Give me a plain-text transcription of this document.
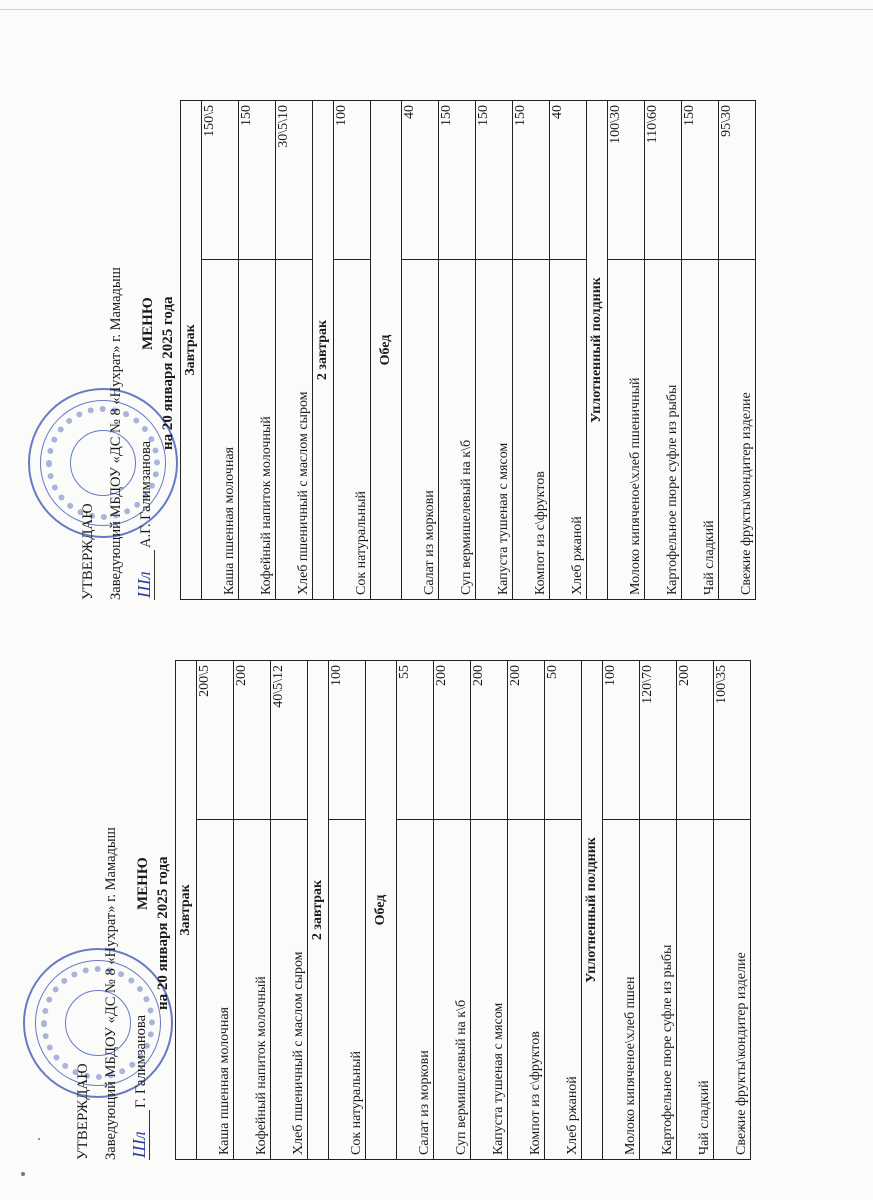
УТВЕРЖДАЮ Заведующий МБДОУ «ДС № 8 «Нухрат» г. Мамадыш Шл
Г. Галимзанова
МЕНЮ на 20 января 2025 года Завтрак	
Каша пшенная молочная	200\5
Кофейный напиток молочный	200
Хлеб пшеничный с маслом сыром	40\5\12
2 завтрак	
Сок натуральный	100
Обед	
Салат из моркови	55
Суп вермишелевый на к\б	200
Капуста тушеная с мясом	200
Компот из с\фруктов	200
Хлеб ржаной	50
Уплотненный полдник	
Молоко кипяченое\хлеб пшен	100
Картофельное пюре суфле из рыбы	120\70
Чай сладкий	200
Свежие фрукты\кондитер изделие	100\35
УТВЕРЖДАЮ Заведующий МБДОУ «ДС № 8 «Нухрат» г. Мамадыш Шл
А.Г. Галимзанова
МЕНЮ на 20 января 2025 года Завтрак	
Каша пшенная молочная	150\5
Кофейный напиток молочный	150
Хлеб пшеничный с маслом сыром	30\5\10
2 завтрак	
Сок натуральный	100
Обед	
Салат из моркови	40
Суп вермишелевый на к\б	150
Капуста тушеная с мясом	150
Компот из с\фруктов	150
Хлеб ржаной	40
Уплотненный полдник	
Молоко кипяченое\хлеб пшеничный	100\30
Картофельное пюре суфле из рыбы	110\60
Чай сладкий	150
Свежие фрукты\кондитер изделие	95\30
